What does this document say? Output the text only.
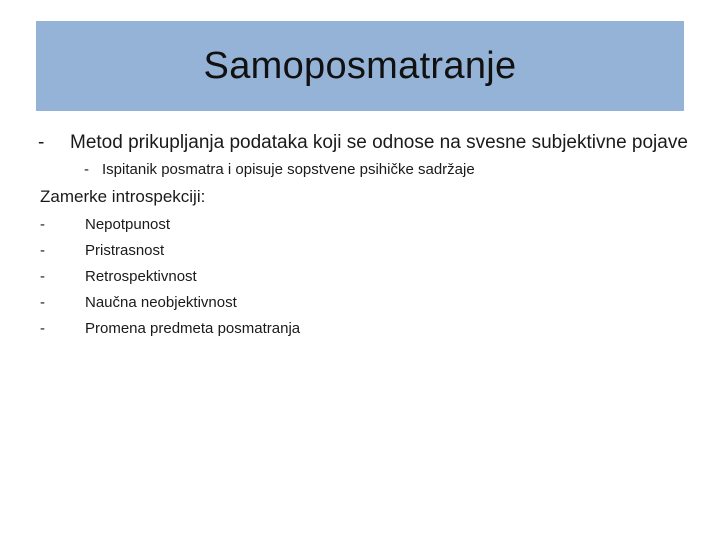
Samoposmatranje
- Metod prikupljanja podataka koji se odnose na svesne subjektivne pojave
- Ispitanik posmatra i opisuje sopstvene psihičke sadržaje
Zamerke introspekciji:
-	Nepotpunost
-	Pristrasnost
-	Retrospektivnost
-	Naučna neobjektivnost
-	Promena predmeta posmatranja
